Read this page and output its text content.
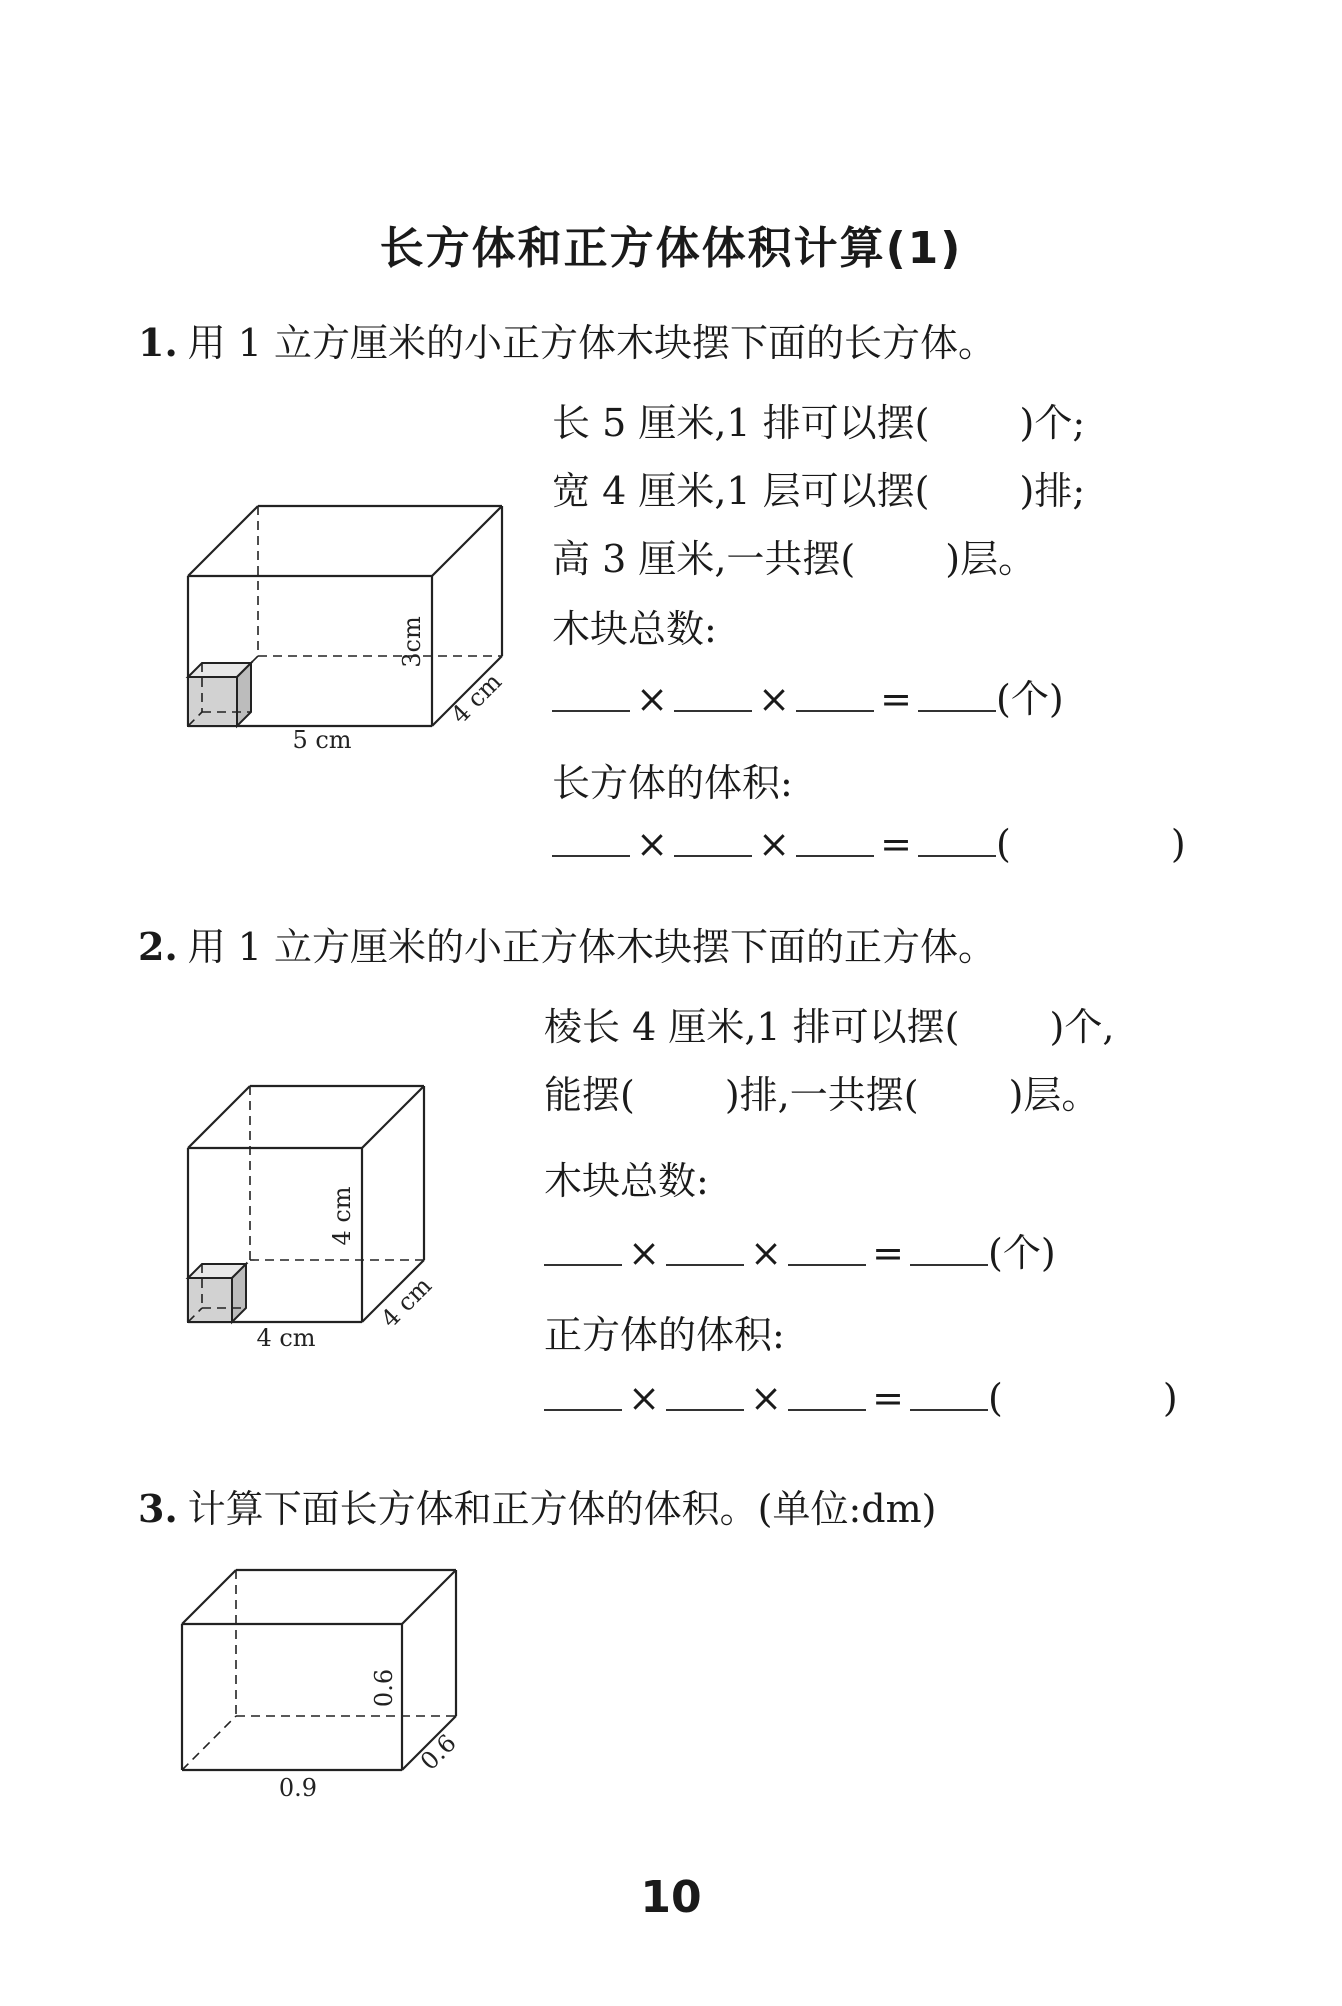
长方体和正方体体积计算(1)
1. 用 1 立方厘米的小正方体木块摆下面的长方体。
长 5 厘米,1 排可以摆( )个;
宽 4 厘米,1 层可以摆( )排;
高 3 厘米,一共摆( )层。
木块总数:
× × = (个)
长方体的体积:
× × = (	)
5 cm
3cm
4 cm
2. 用 1 立方厘米的小正方体木块摆下面的正方体。
棱长 4 厘米,1 排可以摆( )个,
能摆( )排,一共摆( )层。
木块总数:
× × = (个)
正方体的体积:
× × = (	)
4 cm
4 cm
4 cm
3. 计算下面长方体和正方体的体积。(单位:dm)
0.9
0.6
0.6
10
